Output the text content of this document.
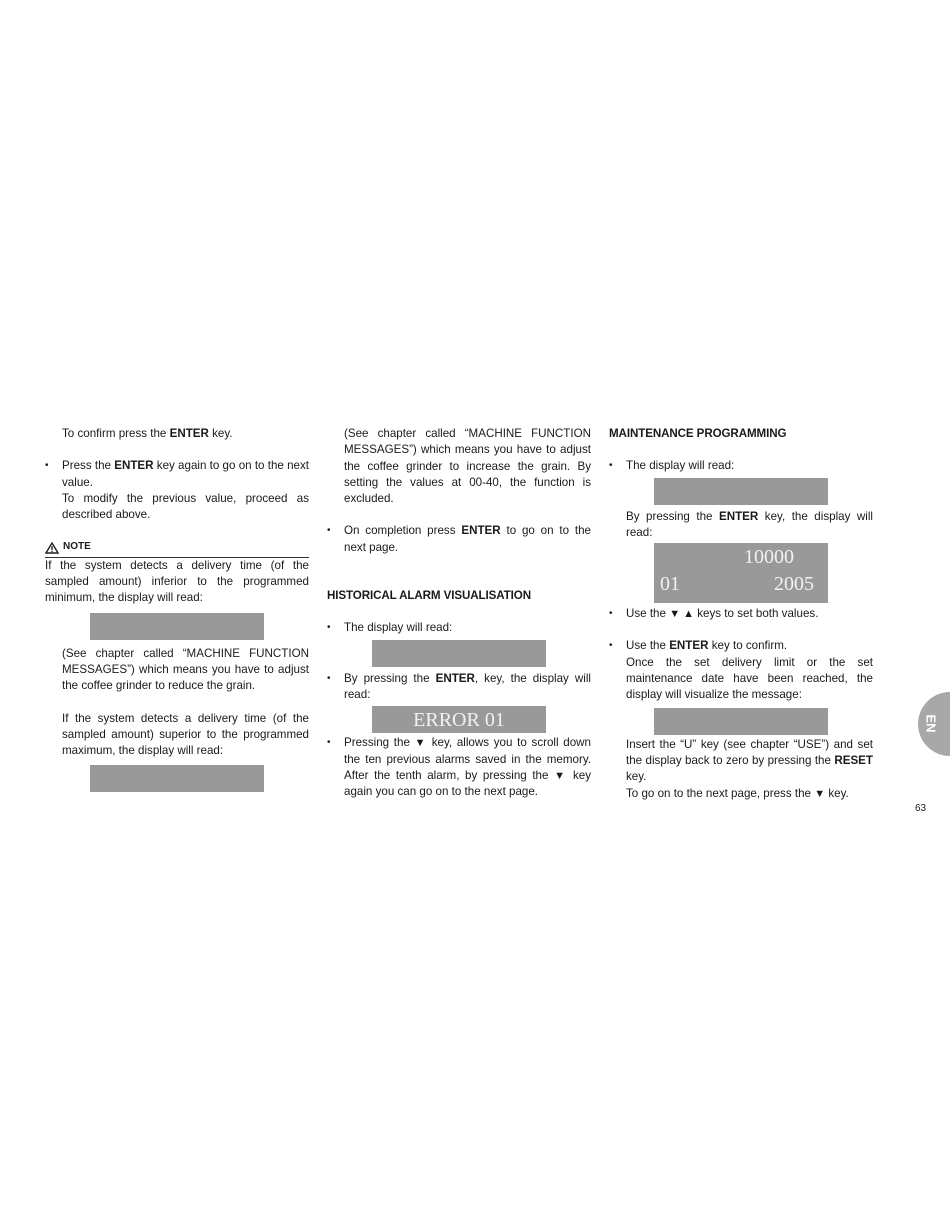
To confirm press the ENTER key.

• Press the ENTER key again to go on to the next value.
To modify the previous value, proceed as described above.

NOTE

If the system detects a delivery time (of the sampled amount) inferior to the programmed minimum, the display will read:

(See chapter called “MACHINE FUNCTION MESSAGES”) which means you have to adjust the coffee grinder to reduce the grain.

If the system detects a delivery time (of the sampled amount) superior to the programmed maximum, the display will read:

(See chapter called “MACHINE FUNCTION MESSAGES”) which means you have to adjust the coffee grinder to increase the grain. By setting the values at 00-40, the function is excluded.

• On completion press ENTER to go on to the next page.

HISTORICAL ALARM VISUALISATION

• The display will read:

• By pressing the ENTER, key, the display will read:

ERROR 01

• Pressing the ▼ key, allows you to scroll down the ten previous alarms saved in the memory. After the tenth alarm, by pressing the ▼ key again you can go on to the next page.

MAINTENANCE PROGRAMMING

• The display will read:

By pressing the ENTER key, the display will read:

10000
01	2005

• Use the ▼ ▲ keys to set both values.

• Use the ENTER key to confirm.
Once the set delivery limit or the set maintenance date have been reached, the display will visualize the message:

Insert the “U” key (see chapter “USE”) and set the display back to zero by pressing the RESET key.
To go on to the next page, press the ▼ key.

EN
63
